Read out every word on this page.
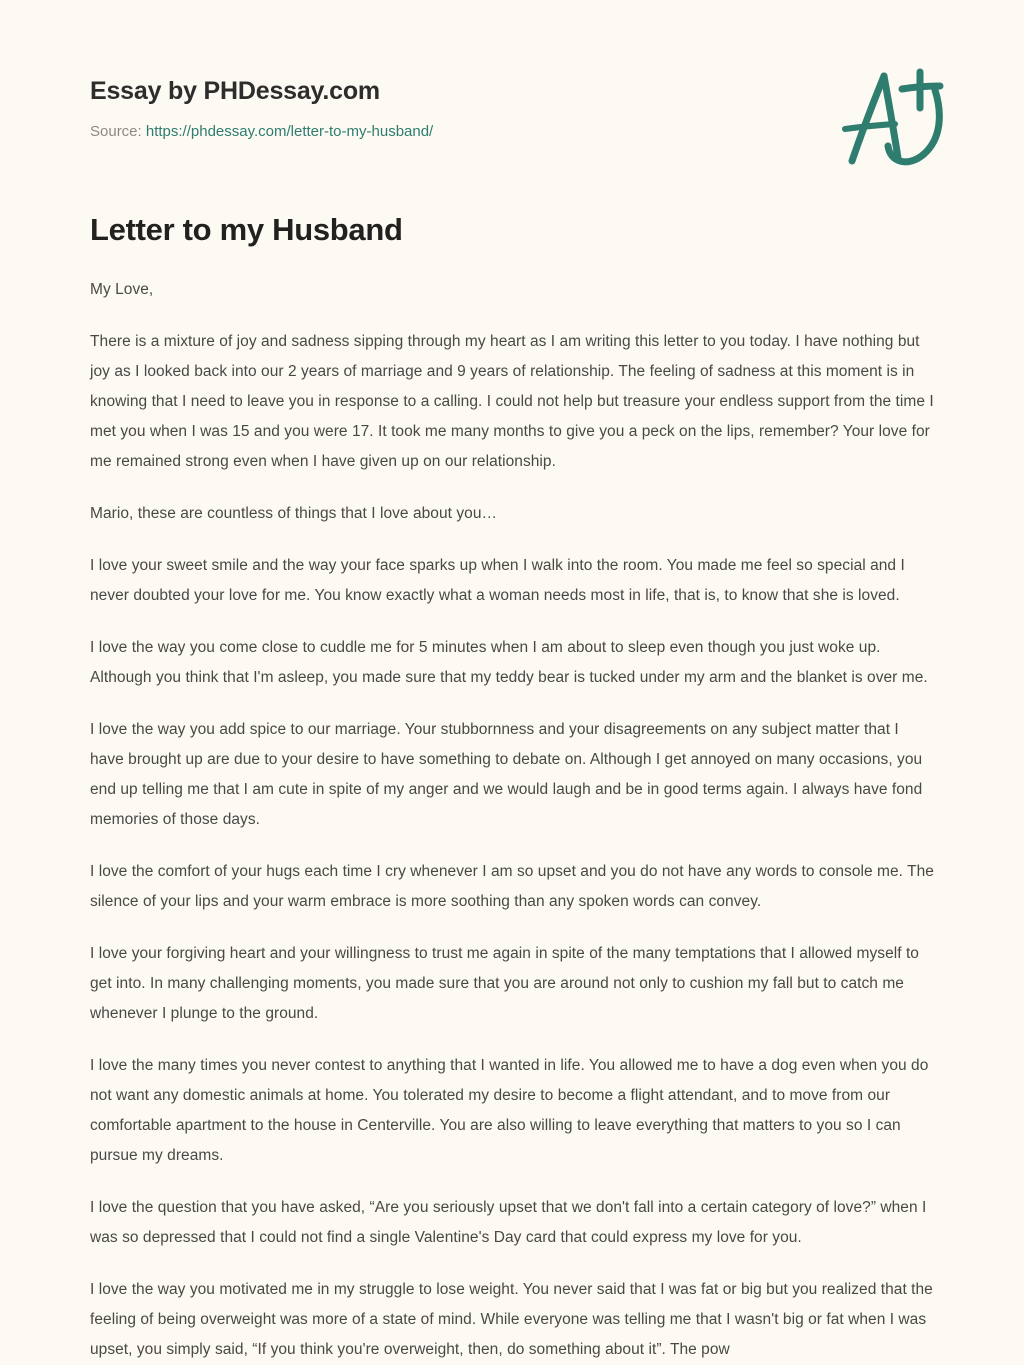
Essay by PHDessay.com
Source: https://phdessay.com/letter-to-my-husband/
Letter to my Husband

My Love,

There is a mixture of joy and sadness sipping through my heart as I am writing this letter to you today. I have nothing but joy as I looked back into our 2 years of marriage and 9 years of relationship. The feeling of sadness at this moment is in knowing that I need to leave you in response to a calling. I could not help but treasure your endless support from the time I met you when I was 15 and you were 17. It took me many months to give you a peck on the lips, remember? Your love for me remained strong even when I have given up on our relationship.

Mario, these are countless of things that I love about you…

I love your sweet smile and the way your face sparks up when I walk into the room. You made me feel so special and I never doubted your love for me. You know exactly what a woman needs most in life, that is, to know that she is loved.

I love the way you come close to cuddle me for 5 minutes when I am about to sleep even though you just woke up. Although you think that I'm asleep, you made sure that my teddy bear is tucked under my arm and the blanket is over me.

I love the way you add spice to our marriage. Your stubbornness and your disagreements on any subject matter that I have brought up are due to your desire to have something to debate on. Although I get annoyed on many occasions, you end up telling me that I am cute in spite of my anger and we would laugh and be in good terms again. I always have fond memories of those days.

I love the comfort of your hugs each time I cry whenever I am so upset and you do not have any words to console me. The silence of your lips and your warm embrace is more soothing than any spoken words can convey.

I love your forgiving heart and your willingness to trust me again in spite of the many temptations that I allowed myself to get into. In many challenging moments, you made sure that you are around not only to cushion my fall but to catch me whenever I plunge to the ground.

I love the many times you never contest to anything that I wanted in life. You allowed me to have a dog even when you do not want any domestic animals at home. You tolerated my desire to become a flight attendant, and to move from our comfortable apartment to the house in Centerville. You are also willing to leave everything that matters to you so I can pursue my dreams.

I love the question that you have asked, “Are you seriously upset that we don't fall into a certain category of love?” when I was so depressed that I could not find a single Valentine's Day card that could express my love for you.

I love the way you motivated me in my struggle to lose weight. You never said that I was fat or big but you realized that the feeling of being overweight was more of a state of mind. While everyone was telling me that I wasn't big or fat when I was upset, you simply said, “If you think you're overweight, then, do something about it”. The pow
